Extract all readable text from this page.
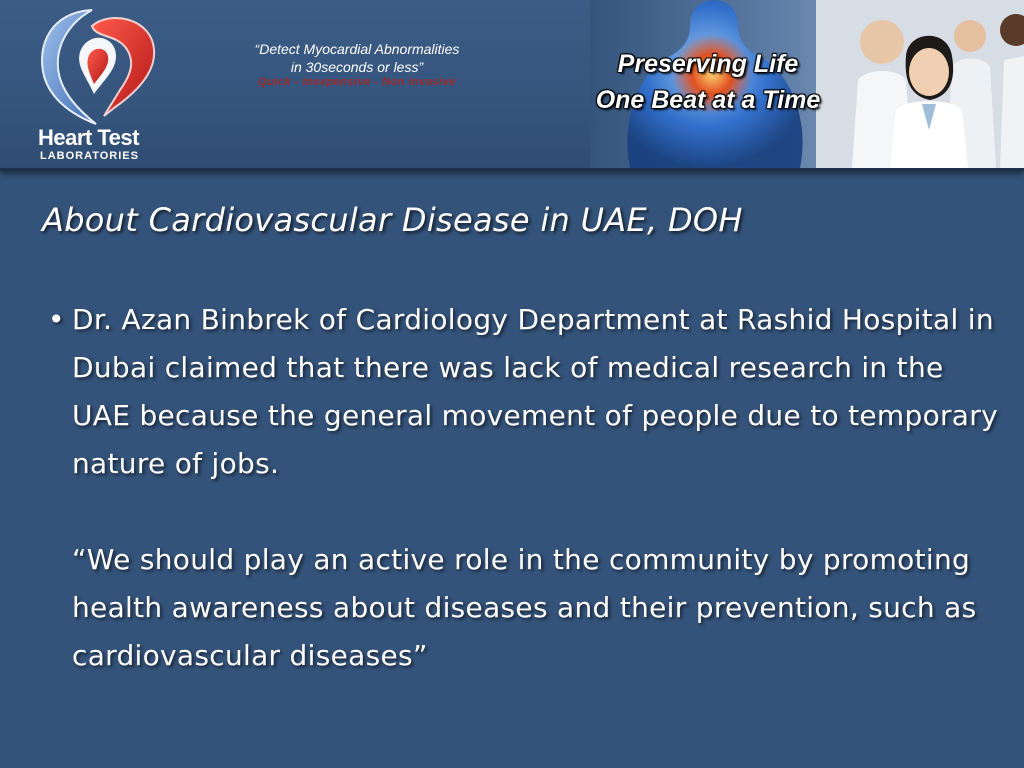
Heart Test
LABORATORIES
“Detect Myocardial Abnormalities
in 30seconds or less”
Quick - Inexpensive - Non Invasive
Preserving Life
One Beat at a Time
About Cardiovascular Disease in UAE, DOH
• Dr. Azan Binbrek of Cardiology Department at Rashid Hospital in Dubai claimed that there was lack of medical research in the UAE because the general movement of people due to temporary nature of jobs.

“We should play an active role in the community by promoting health awareness about diseases and their prevention, such as cardiovascular diseases”
